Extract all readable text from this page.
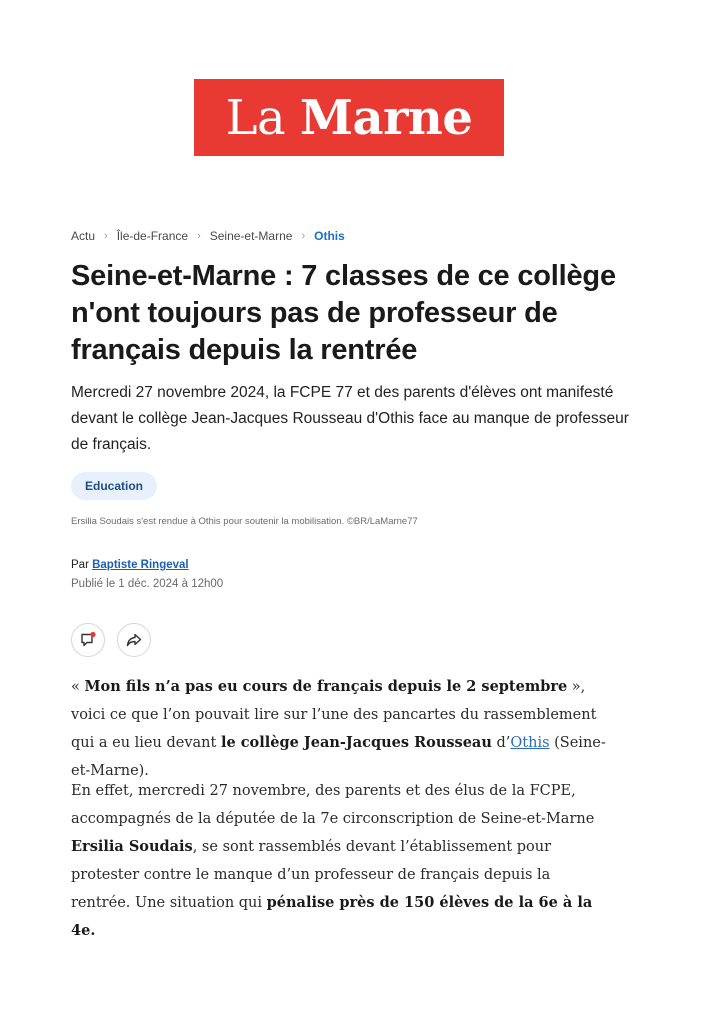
La Marne
Actu › Île-de-France › Seine-et-Marne › Othis
Seine-et-Marne : 7 classes de ce collège n'ont toujours pas de professeur de français depuis la rentrée

Mercredi 27 novembre 2024, la FCPE 77 et des parents d'élèves ont manifesté devant le collège Jean-Jacques Rousseau d'Othis face au manque de professeur de français.

Education
Ersilia Soudais s'est rendue à Othis pour soutenir la mobilisation. ©BR/LaMarne77
Par Baptiste Ringeval
Publié le 1 déc. 2024 à 12h00

« Mon fils n’a pas eu cours de français depuis le 2 septembre », voici ce que l’on pouvait lire sur l’une des pancartes du rassemblement qui a eu lieu devant le collège Jean-Jacques Rousseau d’Othis (Seine-et-Marne).

En effet, mercredi 27 novembre, des parents et des élus de la FCPE, accompagnés de la députée de la 7e circonscription de Seine-et-Marne Ersilia Soudais, se sont rassemblés devant l’établissement pour protester contre le manque d’un professeur de français depuis la rentrée. Une situation qui pénalise près de 150 élèves de la 6e à la 4e.
